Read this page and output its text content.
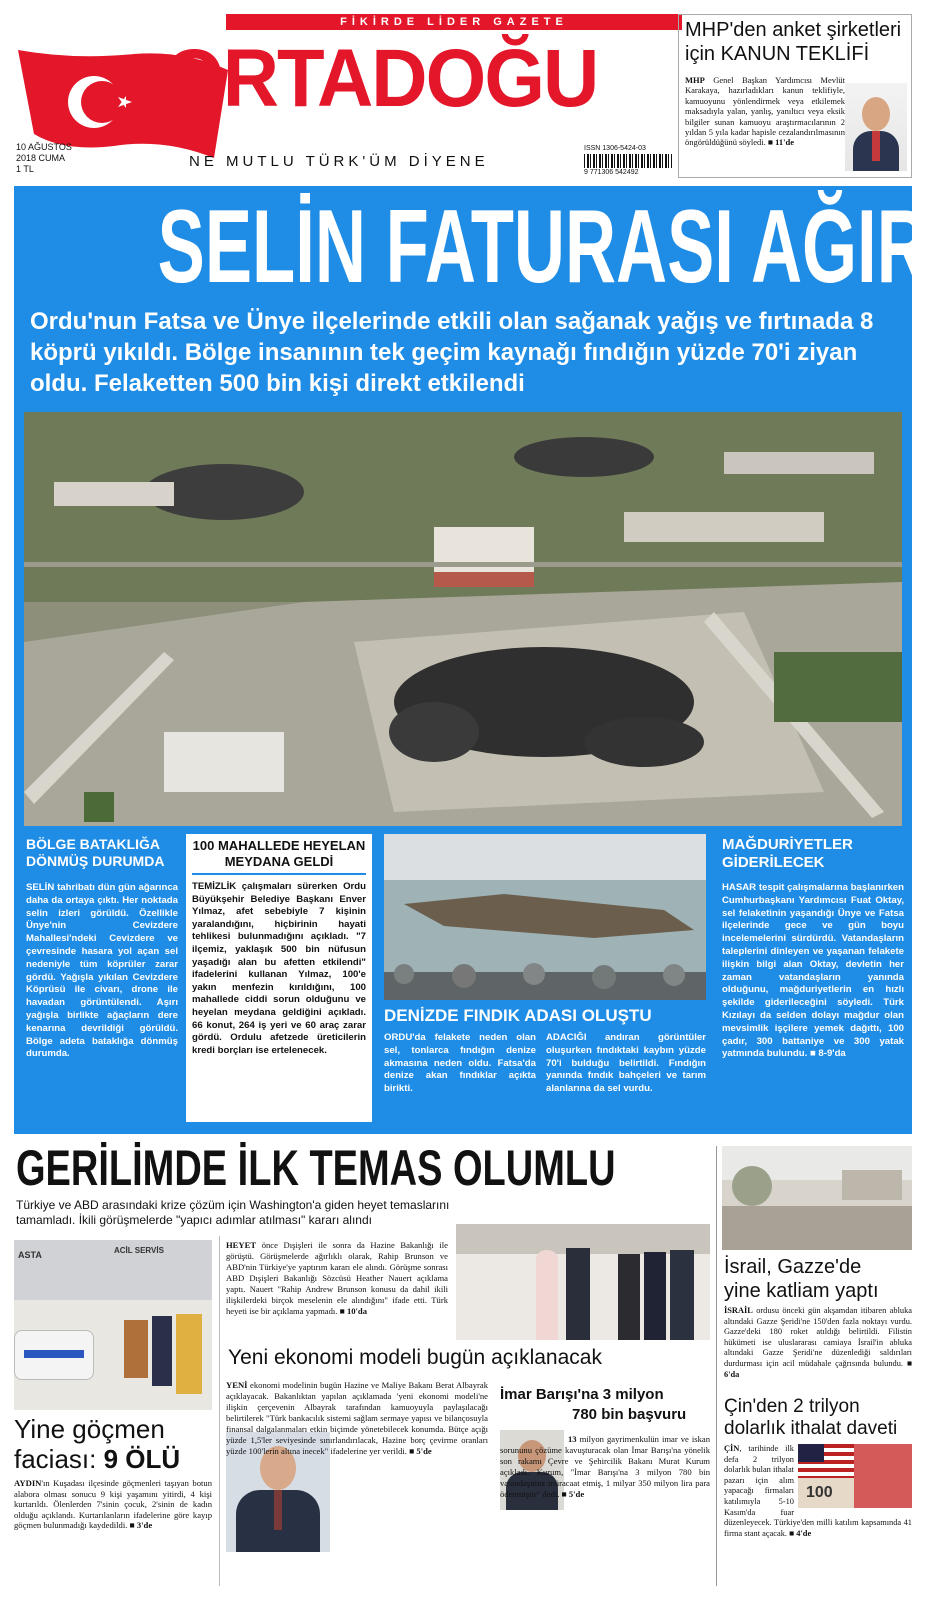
FİKİRDE LİDER GAZETE
ORTADOĞU
NE MUTLU TÜRK'ÜM DİYENE
10 AĞUSTOS
2018 CUMA
1 TL
ISSN 1306-5424-03
9 771306 542492
MHP'den anket şirketleri
için KANUN TEKLİFİ

MHP Genel Başkan Yardımcısı Mevlüt Karakaya, hazırladıkları kanun teklifiyle, kamuoyunu yönlendirmek veya etkilemek maksadıyla yalan, yanlış, yanıltıcı veya eksik bilgiler sunan kamuoyu araştırmacılarının 2 yıldan 5 yıla kadar hapisle cezalandırılmasının öngörüldüğünü söyledi. ■ 11'de

SELİN FATURASI AĞIR
Ordu'nun Fatsa ve Ünye ilçelerinde etkili olan sağanak yağış ve fırtınada 8 köprü yıkıldı. Bölge insanının tek geçim kaynağı fındığın yüzde 70'i ziyan oldu. Felaketten 500 bin kişi direkt etkilendi
BÖLGE BATAKLIĞA DÖNMÜŞ DURUMDA

SELİN tahribatı dün gün ağarınca daha da ortaya çıktı. Her noktada selin izleri görüldü. Özellikle Ünye'nin Cevizdere Mahallesi'ndeki Cevizdere ve çevresinde hasara yol açan sel nedeniyle tüm köprüler zarar gördü. Yağışla yıkılan Cevizdere Köprüsü ile civarı, drone ile havadan görüntülendi. Aşırı yağışla birlikte ağaçların dere kenarına devrildiği görüldü. Bölge adeta bataklığa dönmüş durumda.

100 MAHALLEDE HEYELAN MEYDANA GELDİ

TEMİZLİK çalışmaları sürerken Ordu Büyükşehir Belediye Başkanı Enver Yılmaz, afet sebebiyle 7 kişinin yaralandığını, hiçbirinin hayati tehlikesi bulunmadığını açıkladı. "7 ilçemiz, yaklaşık 500 bin nüfusun yaşadığı alan bu afetten etkilendi" ifadelerini kullanan Yılmaz, 100'e yakın menfezin kırıldığını, 100 mahallede ciddi sorun olduğunu ve heyelan meydana geldiğini açıkladı. 66 konut, 264 iş yeri ve 60 araç zarar gördü. Ordulu afetzede üreticilerin kredi borçları ise ertelenecek.

DENİZDE FINDIK ADASI OLUŞTU

ORDU'da felakete neden olan sel, tonlarca fındığın denize akmasına neden oldu. Fatsa'da denize akan fındıklar açıkta birikti.

ADACIĞI andıran görüntüler oluşurken fındıktaki kaybın yüzde 70'i bulduğu belirtildi. Fındığın yanında fındık bahçeleri ve tarım alanlarına da sel vurdu.

MAĞDURİYETLER GİDERİLECEK

HASAR tespit çalışmalarına başlanırken Cumhurbaşkanı Yardımcısı Fuat Oktay, sel felaketinin yaşandığı Ünye ve Fatsa ilçelerinde gece ve gün boyu incelemelerini sürdürdü. Vatandaşların taleplerini dinleyen ve yaşanan felakete ilişkin bilgi alan Oktay, devletin her zaman vatandaşların yanında olduğunu, mağduriyetlerin en hızlı şekilde giderileceğini söyledi. Türk Kızılayı da selden dolayı mağdur olan mevsimlik işçilere yemek dağıttı, 100 çadır, 300 battaniye ve 300 yatak yatmında bulundu. ■ 8-9'da

GERİLİMDE İLK TEMAS OLUMLU
Türkiye ve ABD arasındaki krize çözüm için Washington'a giden heyet temaslarını tamamladı. İkili görüşmelerde "yapıcı adımlar atılması" kararı alındı
ASTA	ACİL SERVİS
Yine göçmen
faciası: 9 ÖLÜ

AYDIN'ın Kuşadası ilçesinde göçmenleri taşıyan botun alabora olması sonucu 9 kişi yaşamını yitirdi, 4 kişi kurtarıldı. Ölenlerden 7'sinin çocuk, 2'sinin de kadın olduğu açıklandı. Kurtarılanların ifadelerine göre kayıp göçmen bulunmadığı kaydedildi. ■ 3'de

HEYET önce Dışişleri ile sonra da Hazine Bakanlığı ile görüştü. Görüşmelerde ağırlıklı olarak, Rahip Brunson ve ABD'nin Türkiye'ye yaptırım kararı ele alındı. Görüşme sonrası ABD Dışişleri Bakanlığı Sözcüsü Heather Nauert açıklama yaptı. Nauert "Rahip Andrew Brunson konusu da dahil ikili ilişkilerdeki birçok meselenin ele alındığını" ifade etti. Türk heyeti ise bir açıklama yapmadı. ■ 10'da

Yeni ekonomi modeli bugün açıklanacak

YENİ ekonomi modelinin bugün Hazine ve Maliye Bakanı Berat Albayrak açıklayacak. Bakanlıktan yapılan açıklamada 'yeni ekonomi modeli'ne ilişkin çerçevenin Albayrak tarafından kamuoyuyla paylaşılacağı belirtilerek "Türk bankacılık sistemi sağlam sermaye yapısı ve bilançosuyla finansal dalgalanmaları etkin biçimde yönetebilecek konumda. Bütçe açığı yüzde 1,5'ler seviyesinde sınırlandırılacak, Hazine borç çevirme oranları yüzde 100'lerin altına inecek" ifadelerine yer verildi. ■ 5'de

İmar Barışı'na 3 milyon
780 bin başvuru

13 milyon gayrimenkulün imar ve iskan sorununu çözüme kavuşturacak olan İmar Barışı'na yönelik son rakamı Çevre ve Şehircilik Bakanı Murat Kurum açıkladı. Kurum, "İmar Barışı'na 3 milyon 780 bin vatandaşımız müracaat etmiş, 1 milyar 350 milyon lira para ödenmiştir" dedi. ■ 5'de

İsrail, Gazze'de
yine katliam yaptı

İSRAİL ordusu önceki gün akşamdan itibaren abluka altındaki Gazze Şeridi'ne 150'den fazla noktayı vurdu. Gazze'deki 180 roket atıldığı belirtildi. Filistin hükümeti ise uluslararası camiaya İsrail'in abluka altındaki Gazze Şeridi'ne düzenlediği saldırıları durdurması için acil müdahale çağrısında bulundu. ■ 6'da

Çin'den 2 trilyon
dolarlık ithalat daveti
100

ÇİN, tarihinde ilk defa 2 trilyon dolarlık bulan ithalat pazarı için alım yapacağı firmaları katılımıyla 5-10 Kasım'da fuar düzenleyecek. Türkiye'den milli katılım kapsamında 41 firma stant açacak. ■ 4'de
